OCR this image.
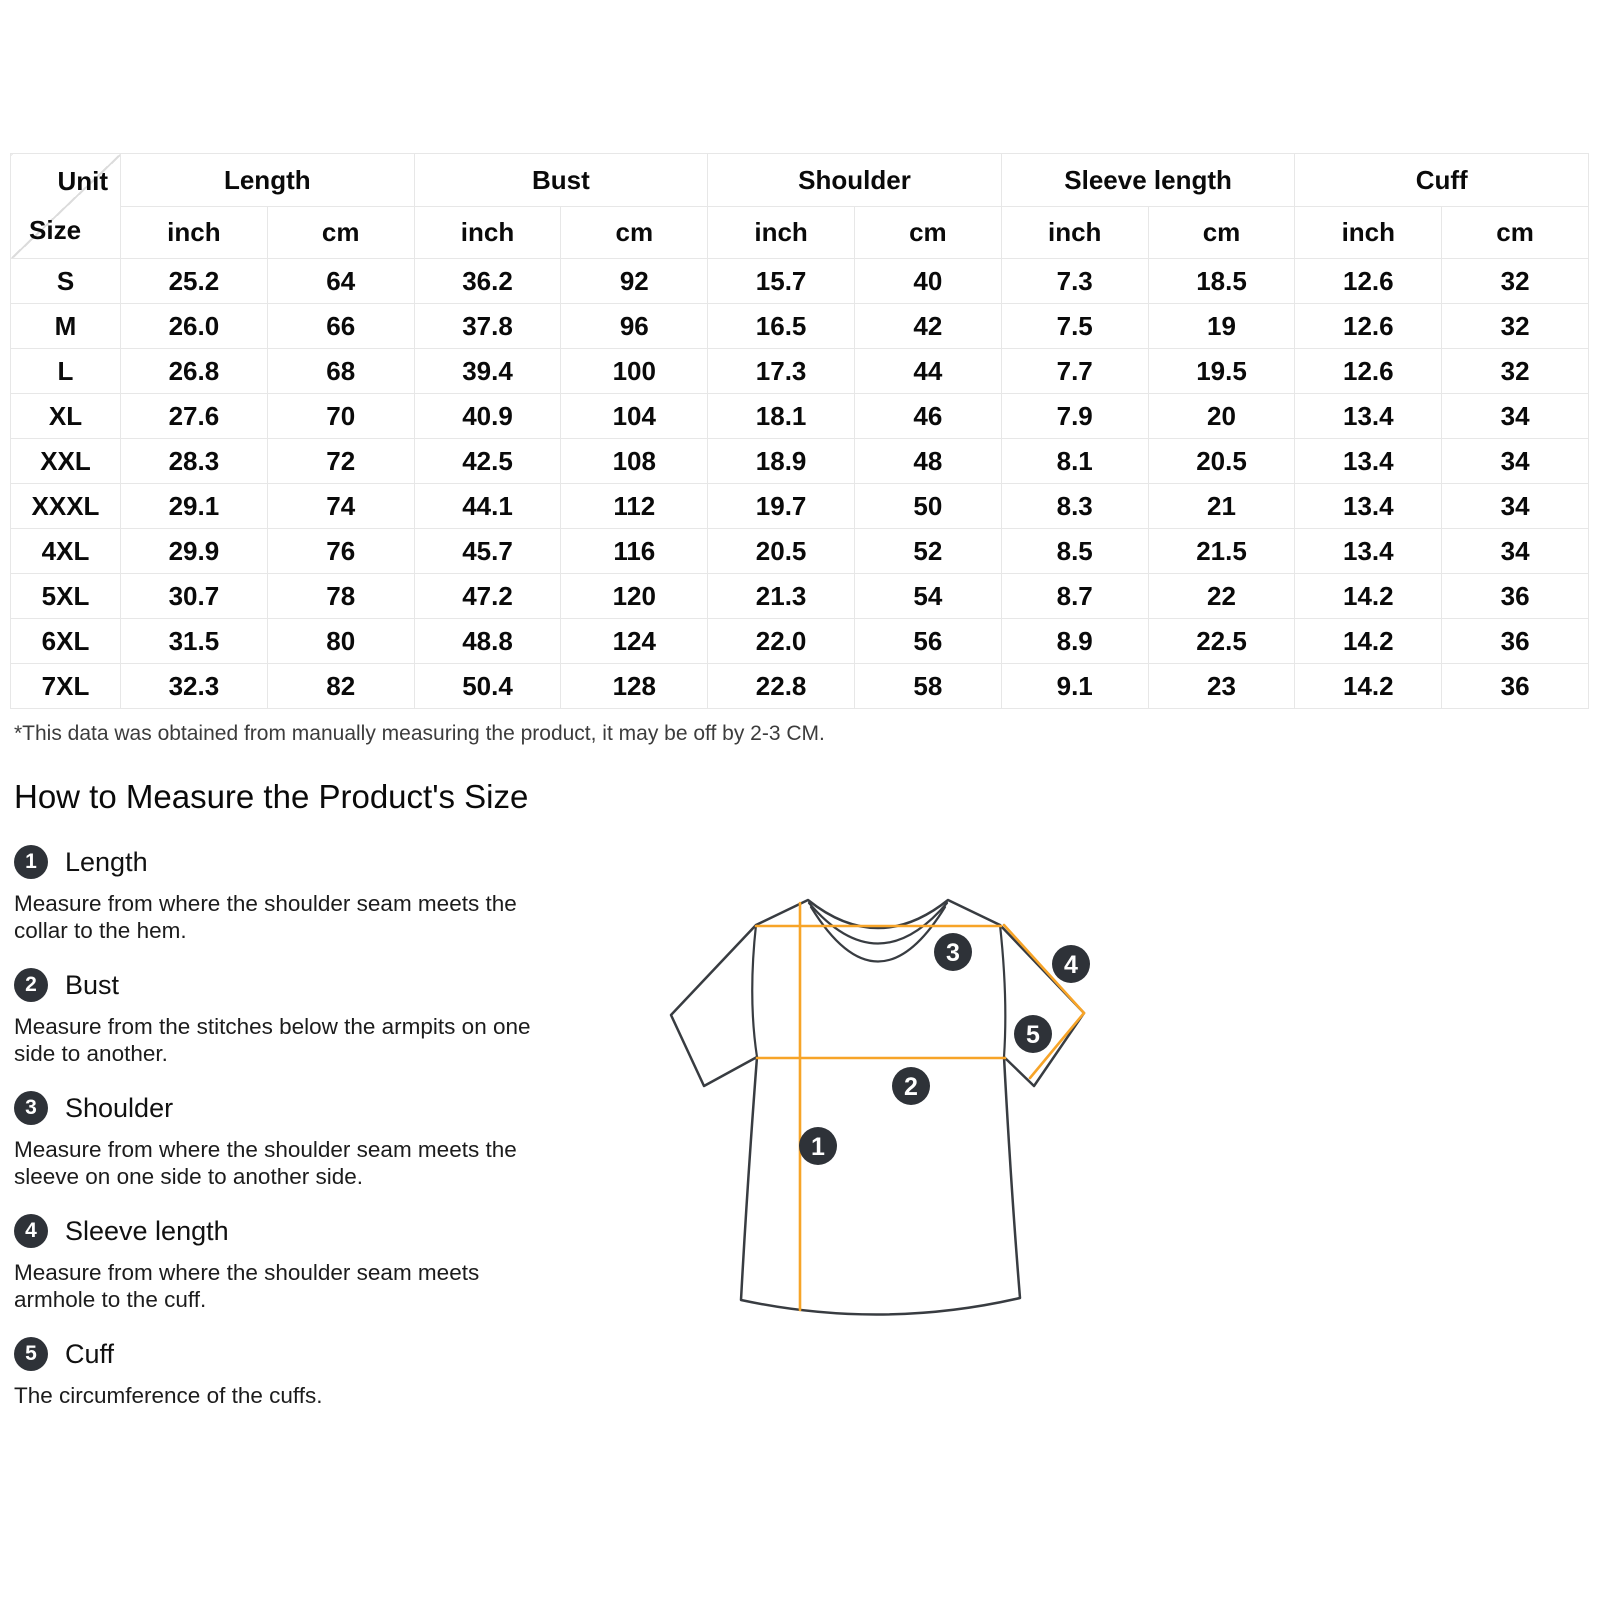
Unit
Size	Length		Bust		Shoulder		Sleeve length		Cuff	
	inch	cm	inch	cm	inch	cm	inch	cm	inch	cm
S	25.2	64	36.2	92	15.7	40	7.3	18.5	12.6	32
M	26.0	66	37.8	96	16.5	42	7.5	19	12.6	32
L	26.8	68	39.4	100	17.3	44	7.7	19.5	12.6	32
XL	27.6	70	40.9	104	18.1	46	7.9	20	13.4	34
XXL	28.3	72	42.5	108	18.9	48	8.1	20.5	13.4	34
XXXL	29.1	74	44.1	112	19.7	50	8.3	21	13.4	34
4XL	29.9	76	45.7	116	20.5	52	8.5	21.5	13.4	34
5XL	30.7	78	47.2	120	21.3	54	8.7	22	14.2	36
6XL	31.5	80	48.8	124	22.0	56	8.9	22.5	14.2	36
7XL	32.3	82	50.4	128	22.8	58	9.1	23	14.2	36

*This data was obtained from manually measuring the product, it may be off by 2-3 CM.

How to Measure the Product's Size
1	Length

Measure from where the shoulder seam meets the collar to the hem.

2	Bust

Measure from the stitches below the armpits on one side to another.

3	Shoulder

Measure from where the shoulder seam meets the sleeve on one side to another side.

4	Sleeve length

Measure from where the shoulder seam meets armhole to the cuff.

5	Cuff

The circumference of the cuffs.

1
2
3	4
5
